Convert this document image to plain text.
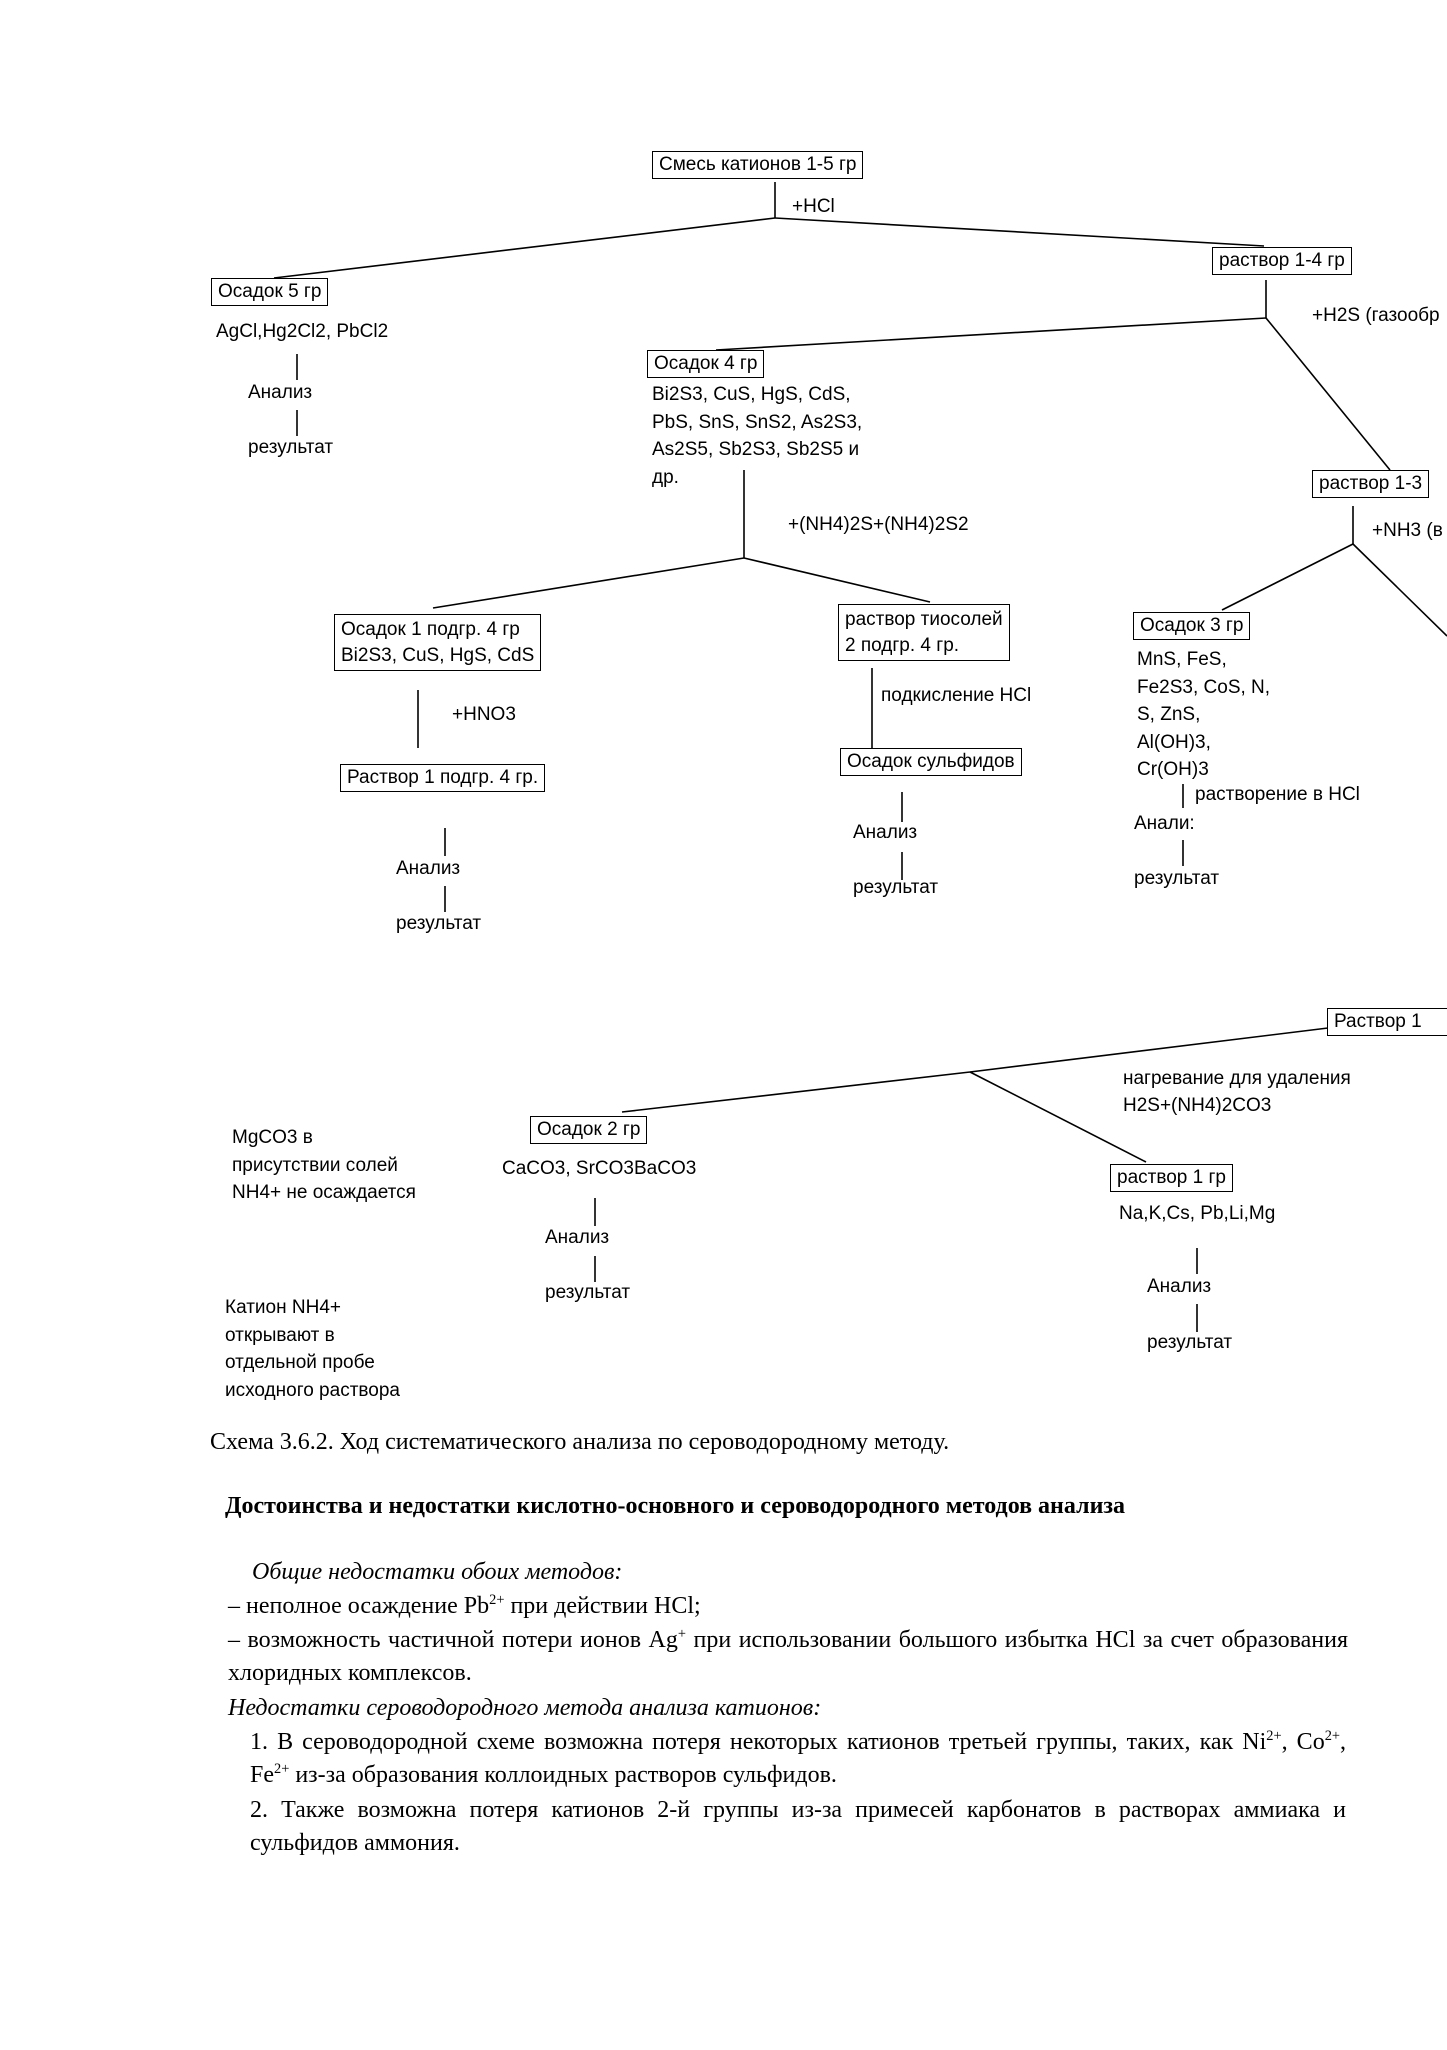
Смесь катионов 1-5 гр
+HCl
Осадок 5 гр
AgCl,Hg2Cl2, PbCl2
Анализ
результат
раствор 1-4 гр
+H2S (газообр
Осадок 4 гр
Bi2S3, CuS, HgS, CdS,
PbS, SnS, SnS2, As2S3,
As2S5, Sb2S3, Sb2S5 и
др.
+(NH4)2S+(NH4)2S2
раствор 1-3
+NH3 (в
Осадок 1 подгр. 4 гр
Bi2S3, CuS, HgS, CdS
+HNO3
Раствор 1 подгр. 4 гр.
Анализ
результат
раствор тиосолей
2 подгр. 4 гр.
подкисление HCl
Осадок сульфидов
Анализ
результат
Осадок 3 гр
MnS, FeS,
Fe2S3, CoS, N,
S, ZnS,
Al(OH)3,
Cr(OH)3
растворение в HCl
Анали:
результат
Раствор 1
нагревание для удаления
H2S+(NH4)2CO3
MgCO3 в
присутствии солей
NH4+ не осаждается
Осадок 2 гр
CaCO3, SrCO3BaCO3
Анализ
результат
раствор 1 гр
Na,K,Cs, Pb,Li,Mg
Анализ
результат
Катион NH4+
открывают в
отдельной пробе
исходного раствора
Схема 3.6.2. Ход систематического анализа по сероводородному методу.
Достоинства и недостатки кислотно-основного и сероводородного методов анализа
Общие недостатки обоих методов:
– неполное осаждение $Pb^{2+}$ при действии HCl;
– возможность частичной потери ионов Ag+ при использовании большого избытка HCl за счет образования хлоридных комплексов.
Недостатки сероводородного метода анализа катионов:
1. В сероводородной схеме возможна потеря некоторых катионов третьей группы, таких, как $Ni^{2+}$, $Co^{2+}$, $Fe^{2+}$ из-за образования коллоидных растворов сульфидов.
2. Также возможна потеря катионов 2-й группы из-за примесей карбонатов в растворах аммиака и сульфидов аммония.
